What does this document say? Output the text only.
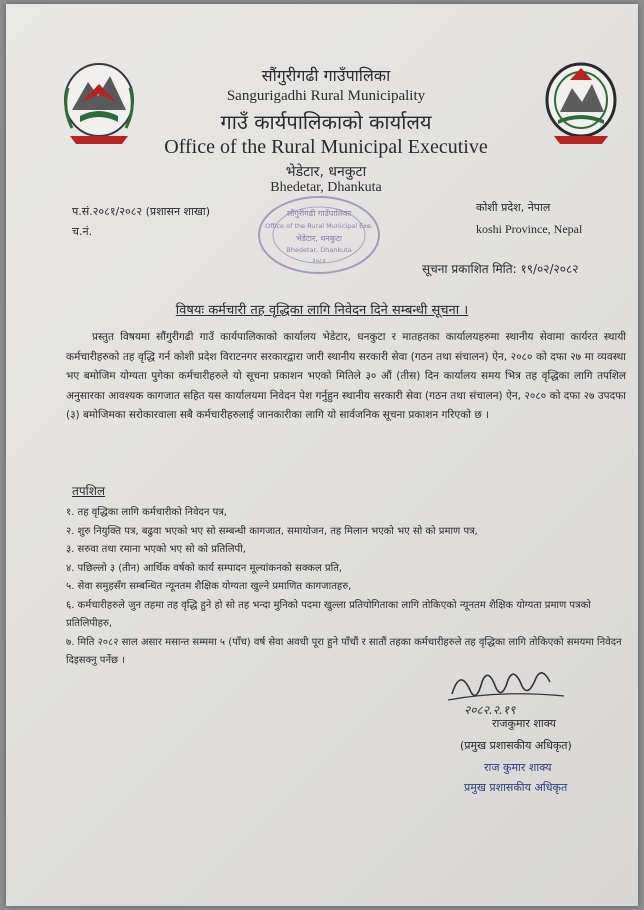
सौंगुरीगढी गाउँपालिका
Sangurigadhi Rural Municipality
गाउँ कार्यपालिकाको कार्यालय
Office of the Rural Municipal Executive
भेडेटार, धनकुटा
Bhedetar, Dhankuta
प.सं.२०८१/२०८२ (प्रशासन शाखा)
च.नं.
कोशी प्रदेश, नेपाल
koshi Province, Nepal
सौंगुरीगढी गाउँपालिका
Office of the Rural Municipal Exe.
भेडेटार, धनकुटा
Bhedetar, Dhankuta
२०८२
सूचना प्रकाशित मिति: १९/०२/२०८२
विषयः कर्मचारी तह वृद्धिका लागि निवेदन दिने सम्बन्धी सूचना ।
प्रस्तुत विषयमा सौंगुरीगढी गाउँ कार्यपालिकाको कार्यालय भेडेटार, धनकुटा र मातहतका कार्यालयहरुमा स्थानीय सेवामा कार्यरत स्थायी कर्मचारीहरुको तह वृद्धि गर्न कोशी प्रदेश विराटनगर सरकारद्वारा जारी स्थानीय सरकारी सेवा (गठन तथा संचालन) ऐन, २०८० को दफा २७ मा व्यवस्था भए बमोजिम योग्यता पुगेका कर्मचारीहरुले यो सूचना प्रकाशन भएको मितिले ३० औं (तीस) दिन कार्यालय समय भित्र तह वृद्धिका लागि तपशिल अनुसारका आवश्यक कागजात सहित यस कार्यालयमा निवेदन पेश गर्नुहुन स्थानीय सरकारी सेवा (गठन तथा संचालन) ऐन, २०८० को दफा २७ उपदफा (३) बमोजिमका सरोकारवाला सबै कर्मचारीहरुलाई जानकारीका लागि यो सार्वजनिक सूचना प्रकाशन गरिएको छ ।
तपशिल
१. तह वृद्धिका लागि कर्मचारीको निवेदन पत्र,
२. शुरु नियुक्ति पत्र, बढुवा भएको भए सो सम्बन्धी कागजात, समायोजन, तह मिलान भएको भए सो को प्रमाण पत्र,
३. सरुवा तथा रमाना भएको भए सो को प्रतिलिपी,
४. पछिल्लो ३ (तीन) आर्थिक वर्षको कार्य सम्पादन मूल्यांकनको सक्कल प्रति,
५. सेवा समुहसँग सम्बन्धित न्यूनतम शैक्षिक योग्यता खुल्ने प्रमाणित कागजातहरु,
६. कर्मचारीहरुले जुन तहमा तह वृद्धि हुने हो सो तह भन्दा मुनिको पदमा खुल्ला प्रतियोगिताका लागि तोकिएको न्यूनतम शैक्षिक योग्यता प्रमाण पत्रको प्रतिलिपीहरु,
७. मिति २०८२ साल असार मसान्त सम्ममा ५ (पाँच) वर्ष सेवा अवधी पूरा हुने पाँचौं र सातौं तहका कर्मचारीहरुले तह वृद्धिका लागि तोकिएको समयमा निवेदन दिइसक्नु पर्नेछ ।
२०८२.२.१९
राजकुमार शाक्य
(प्रमुख प्रशासकीय अधिकृत)
राज कुमार शाक्य
प्रमुख प्रशासकीय अधिकृत
